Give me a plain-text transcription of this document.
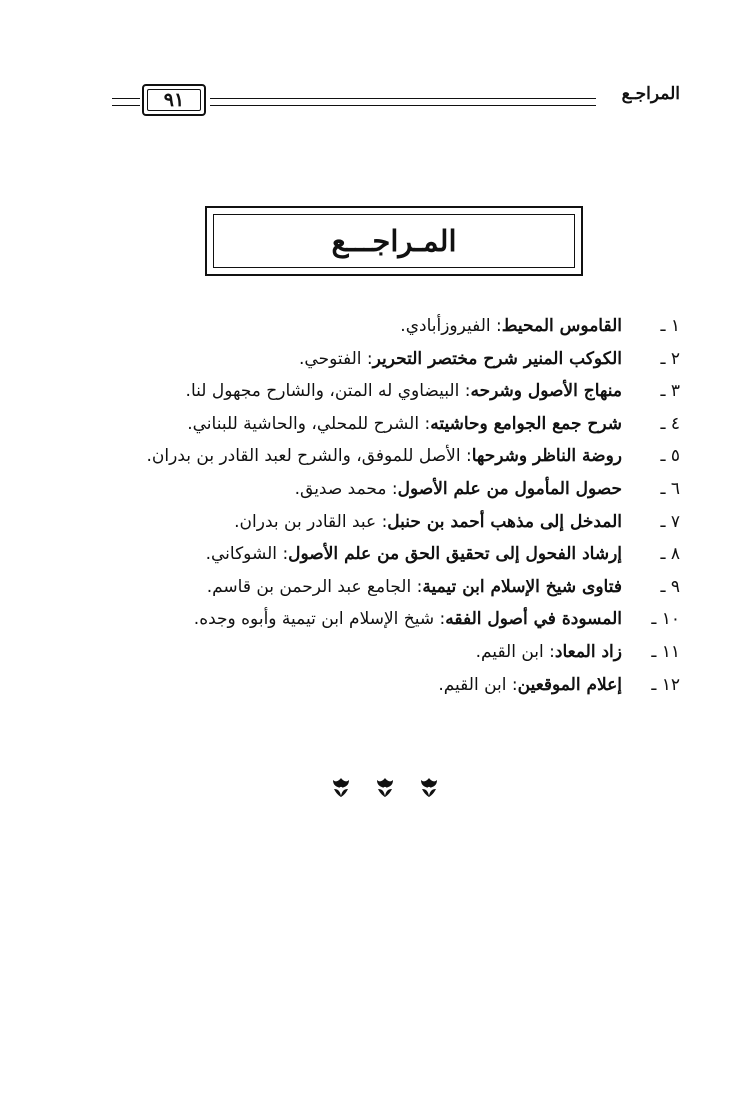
المراجـع
٩١
المـراجـــع
١ ـ
القاموس المحيط: الفيروزأبادي.
٢ ـ
الكوكب المنير شرح مختصر التحرير: الفتوحي.
٣ ـ
منهاج الأصول وشرحه: البيضاوي له المتن، والشارح مجهول لنا.
٤ ـ
شرح جمع الجوامع وحاشيته: الشرح للمحلي، والحاشية للبناني.
٥ ـ
روضة الناظر وشرحها: الأصل للموفق، والشرح لعبد القادر بن بدران.
٦ ـ
حصول المأمول من علم الأصول: محمد صديق.
٧ ـ
المدخل إلى مذهب أحمد بن حنبل: عبد القادر بن بدران.
٨ ـ
إرشاد الفحول إلى تحقيق الحق من علم الأصول: الشوكاني.
٩ ـ
فتاوى شيخ الإسلام ابن تيمية: الجامع عبد الرحمن بن قاسم.
١٠ ـ
المسودة في أصول الفقه: شيخ الإسلام ابن تيمية وأبوه وجده.
١١ ـ
زاد المعاد: ابن القيم.
١٢ ـ
إعلام الموقعين: ابن القيم.
